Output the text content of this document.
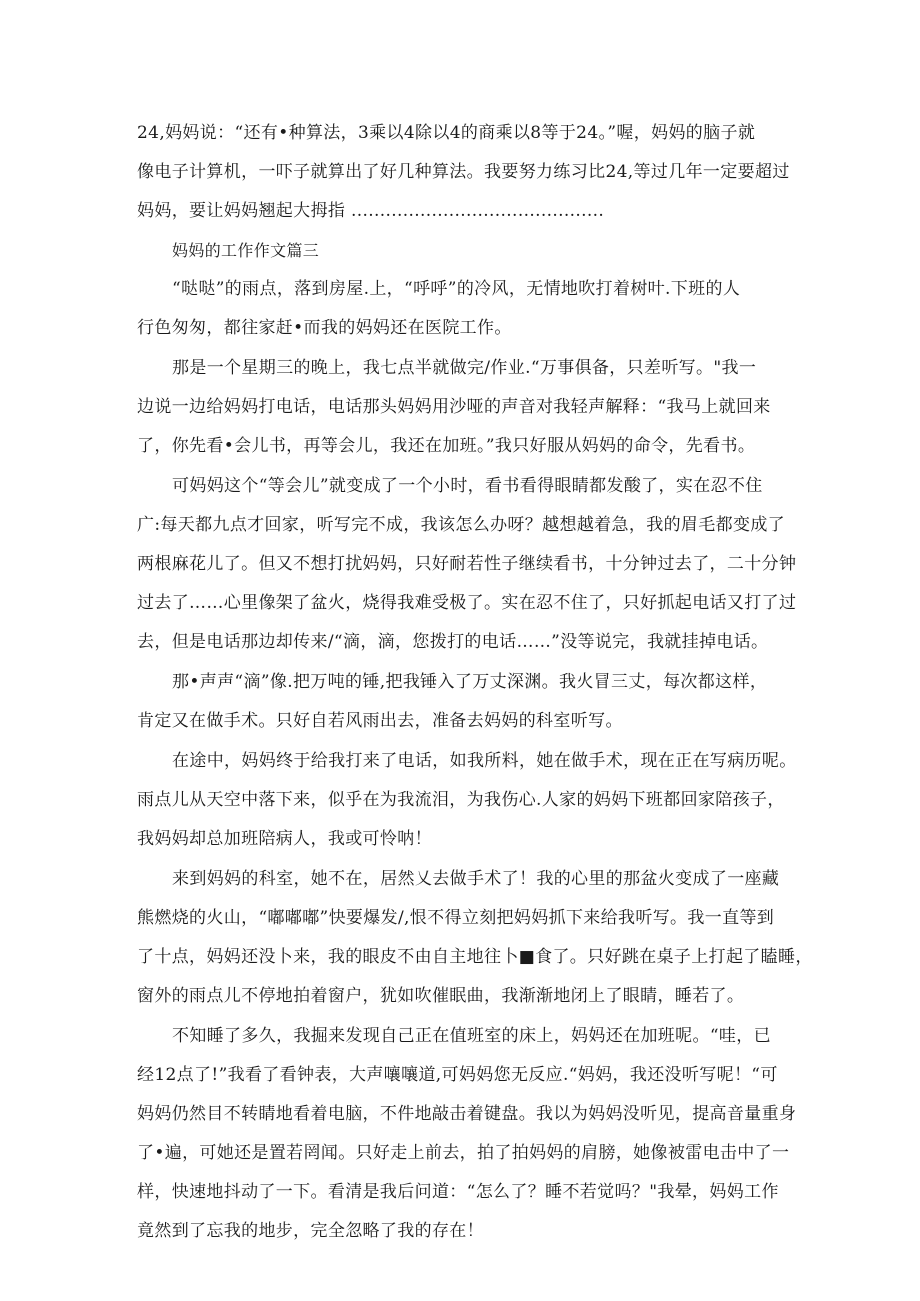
24,妈妈说：“还有•种算法，3乘以4除以4的商乘以8等于24。”喔，妈妈的脑子就
像电子计算机，一吓子就算出了好几种算法。我要努力练习比24,等过几年一定要超过
妈妈，要让妈妈翘起大拇指 ............................................
妈妈的工作作文篇三
“哒哒”的雨点，落到房屋.上，“呼呼”的冷风，无情地吹打着树叶.下班的人
行色匆匆，都往家赶•而我的妈妈还在医院工作。
那是一个星期三的晚上，我七点半就做完/作业.“万事俱备，只差听写。"我一
边说一边给妈妈打电话，电话那头妈妈用沙哑的声音对我轻声解释：“我马上就回来
了，你先看•会儿书，再等会儿，我还在加班。”我只好服从妈妈的命令，先看书。
可妈妈这个“等会儿”就变成了一个小时，看书看得眼睛都发酸了，实在忍不住
广:每天都九点才回家，听写完不成，我该怎么办呀？越想越着急，我的眉毛都变成了
两根麻花儿了。但又不想打扰妈妈，只好耐若性子继续看书，十分钟过去了，二十分钟
过去了……心里像架了盆火，烧得我难受极了。实在忍不住了，只好抓起电话又打了过
去，但是电话那边却传来/“滴，滴，您拨打的电话……”没等说完，我就挂掉电话。
那•声声“滴”像.把万吨的锤,把我锤入了万丈深渊。我火冒三丈，每次都这样，
肯定又在做手术。只好自若风雨出去，准备去妈妈的科室听写。
在途中，妈妈终于给我打来了电话，如我所料，她在做手术，现在正在写病历呢。
雨点儿从天空中落下来，似乎在为我流泪，为我伤心.人家的妈妈下班都回家陪孩子，
我妈妈却总加班陪病人，我或可怜呐！
来到妈妈的科室，她不在，居然乂去做手术了！我的心里的那盆火变成了一座藏
熊燃烧的火山，“嘟嘟嘟”快要爆发/,恨不得立刻把妈妈抓下来给我听写。我一直等到
了十点，妈妈还没卜来，我的眼皮不由自主地往卜■食了。只好跳在桌子上打起了瞌睡，
窗外的雨点儿不停地拍着窗户，犹如吹催眠曲，我渐渐地闭上了眼睛，睡若了。
不知睡了多久，我掘来发现自己正在值班室的床上，妈妈还在加班呢。“哇，已
经12点了!”我看了看钟表，大声嚷嚷道,可妈妈您无反应.“妈妈，我还没听写呢！“可
妈妈仍然目不转睛地看着电脑，不件地敲击着键盘。我以为妈妈没听见，提高音量重身
了•遍，可她还是置若罔闻。只好走上前去，拍了拍妈妈的肩膀，她像被雷电击中了一
样，快速地抖动了一下。看清是我后问道：“怎么了？睡不若觉吗？"我晕，妈妈工作
竟然到了忘我的地步，完全忽略了我的存在！
